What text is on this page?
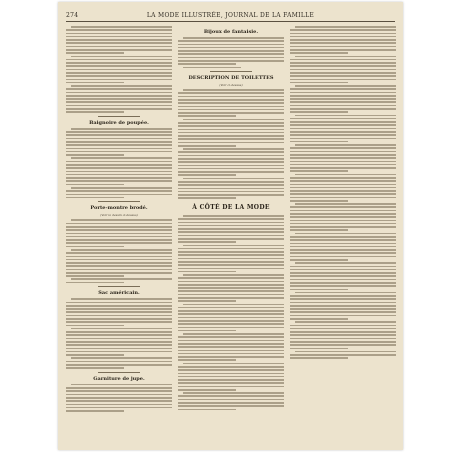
274	LA MODE ILLUSTRÉE, JOURNAL DE LA FAMILLE
Baignoire de poupée.
Porte-montre brodé.
(Voir le dessin ci-dessus)
Sac américain.
Garniture de jupe.
Bijoux de fantaisie.
DESCRIPTION DE TOILETTES
(Voir ci-dessus)
À CÔTÉ DE LA MODE
